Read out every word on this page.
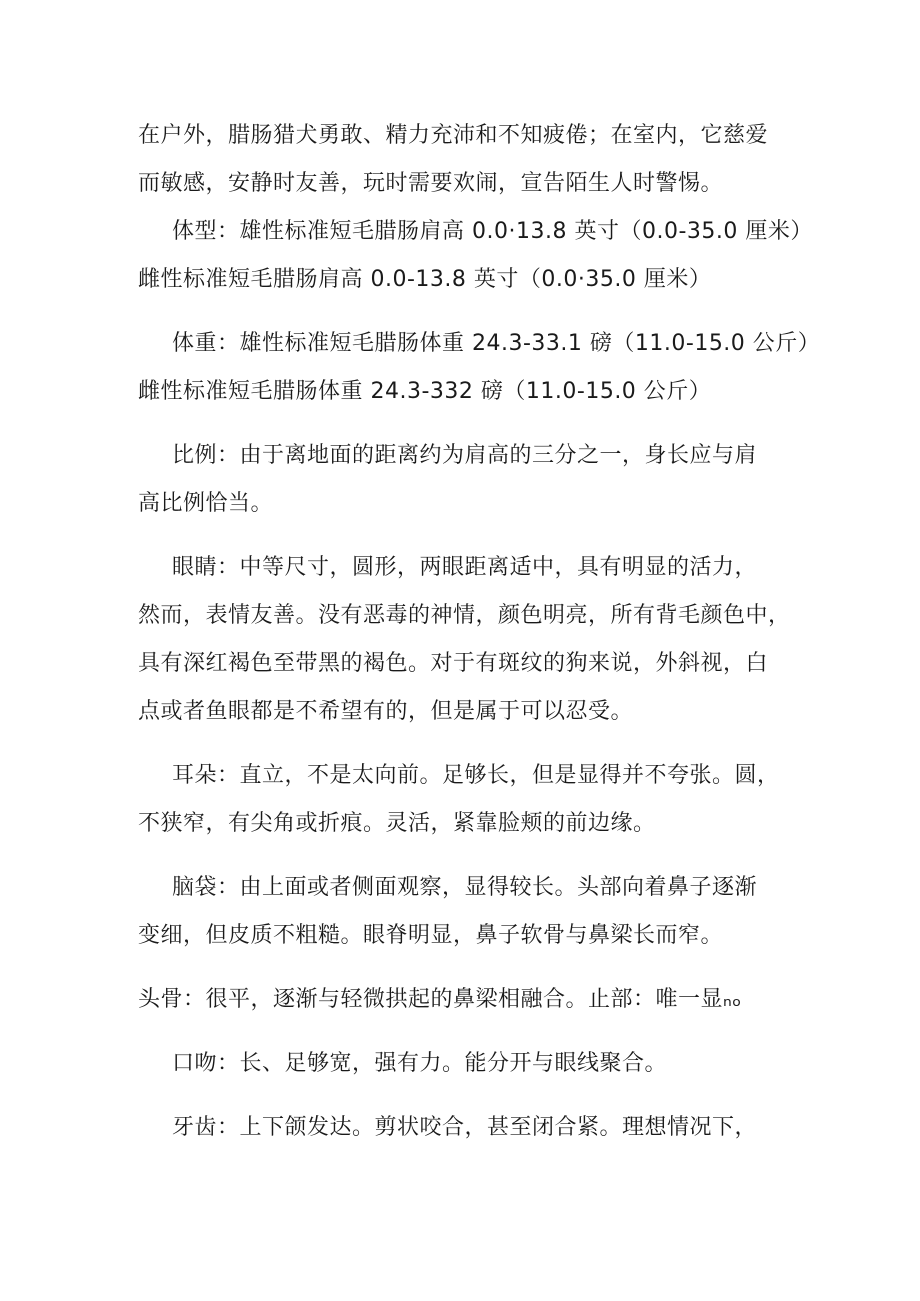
在户外，腊肠猎犬勇敢、精力充沛和不知疲倦；在室内，它慈爱
而敏感，安静时友善，玩时需要欢闹，宣告陌生人时警惕。
体型：雄性标准短毛腊肠肩高 0.0·13.8 英寸（0.0-35.0 厘米）
雌性标准短毛腊肠肩高 0.0-13.8 英寸（0.0·35.0 厘米）
体重：雄性标准短毛腊肠体重 24.3-33.1 磅（11.0-15.0 公斤）
雌性标准短毛腊肠体重 24.3-332 磅（11.0-15.0 公斤）
比例：由于离地面的距离约为肩高的三分之一，身长应与肩
高比例恰当。
眼睛：中等尺寸，圆形，两眼距离适中，具有明显的活力，
然而，表情友善。没有恶毒的神情，颜色明亮，所有背毛颜色中，
具有深红褐色至带黑的褐色。对于有斑纹的狗来说，外斜视，白
点或者鱼眼都是不希望有的，但是属于可以忍受。
耳朵：直立，不是太向前。足够长，但是显得并不夸张。圆，
不狭窄，有尖角或折痕。灵活，紧靠脸颊的前边缘。
脑袋：由上面或者侧面观察，显得较长。头部向着鼻子逐渐
变细，但皮质不粗糙。眼脊明显，鼻子软骨与鼻梁长而窄。
头骨：很平，逐渐与轻微拱起的鼻梁相融合。止部：唯一显ₙₒ
口吻：长、足够宽，强有力。能分开与眼线聚合。
牙齿：上下颌发达。剪状咬合，甚至闭合紧。理想情况下，
